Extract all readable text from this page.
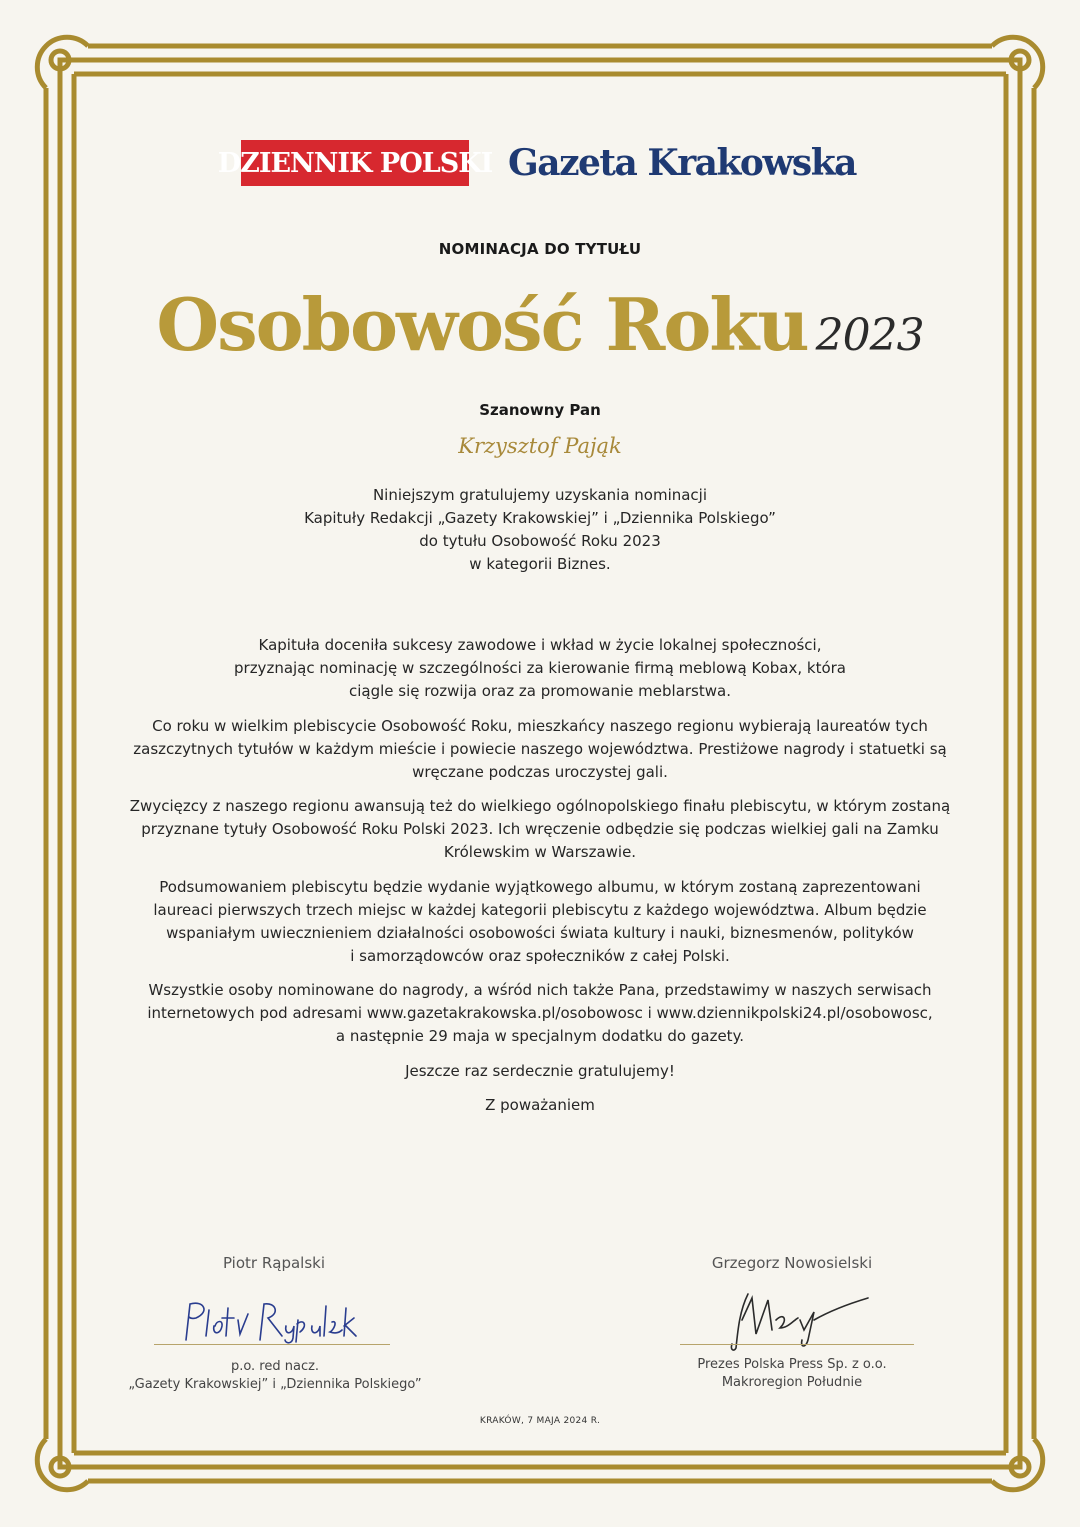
DZIENNIK POLSKI Gazeta Krakowska
NOMINACJA DO TYTUŁU
Osobowość Roku 2023
Szanowny Pan
Krzysztof Pająk
Niniejszym gratulujemy uzyskania nominacji
Kapituły Redakcji „Gazety Krakowskiej” i „Dziennika Polskiego”
do tytułu Osobowość Roku 2023
w kategorii Biznes.
Kapituła doceniła sukcesy zawodowe i wkład w życie lokalnej społeczności,
przyznając nominację w szczególności za kierowanie firmą meblową Kobax, która
ciągle się rozwija oraz za promowanie meblarstwa.
Co roku w wielkim plebiscycie Osobowość Roku, mieszkańcy naszego regionu wybierają laureatów tych
zaszczytnych tytułów w każdym mieście i powiecie naszego województwa. Prestiżowe nagrody i statuetki są
wręczane podczas uroczystej gali.
Zwycięzcy z naszego regionu awansują też do wielkiego ogólnopolskiego finału plebiscytu, w którym zostaną
przyznane tytuły Osobowość Roku Polski 2023. Ich wręczenie odbędzie się podczas wielkiej gali na Zamku
Królewskim w Warszawie.
Podsumowaniem plebiscytu będzie wydanie wyjątkowego albumu, w którym zostaną zaprezentowani
laureaci pierwszych trzech miejsc w każdej kategorii plebiscytu z każdego województwa. Album będzie
wspaniałym uwiecznieniem działalności osobowości świata kultury i nauki, biznesmenów, polityków
i samorządowców oraz społeczników z całej Polski.
Wszystkie osoby nominowane do nagrody, a wśród nich także Pana, przedstawimy w naszych serwisach
internetowych pod adresami www.gazetakrakowska.pl/osobowosc i www.dziennikpolski24.pl/osobowosc,
a następnie 29 maja w specjalnym dodatku do gazety.
Jeszcze raz serdecznie gratulujemy!
Z poważaniem
Piotr Rąpalski
p.o. red nacz.
„Gazety Krakowskiej” i „Dziennika Polskiego”
Grzegorz Nowosielski
Prezes Polska Press Sp. z o.o.
Makroregion Południe
KRAKÓW, 7 MAJA 2024 R.
